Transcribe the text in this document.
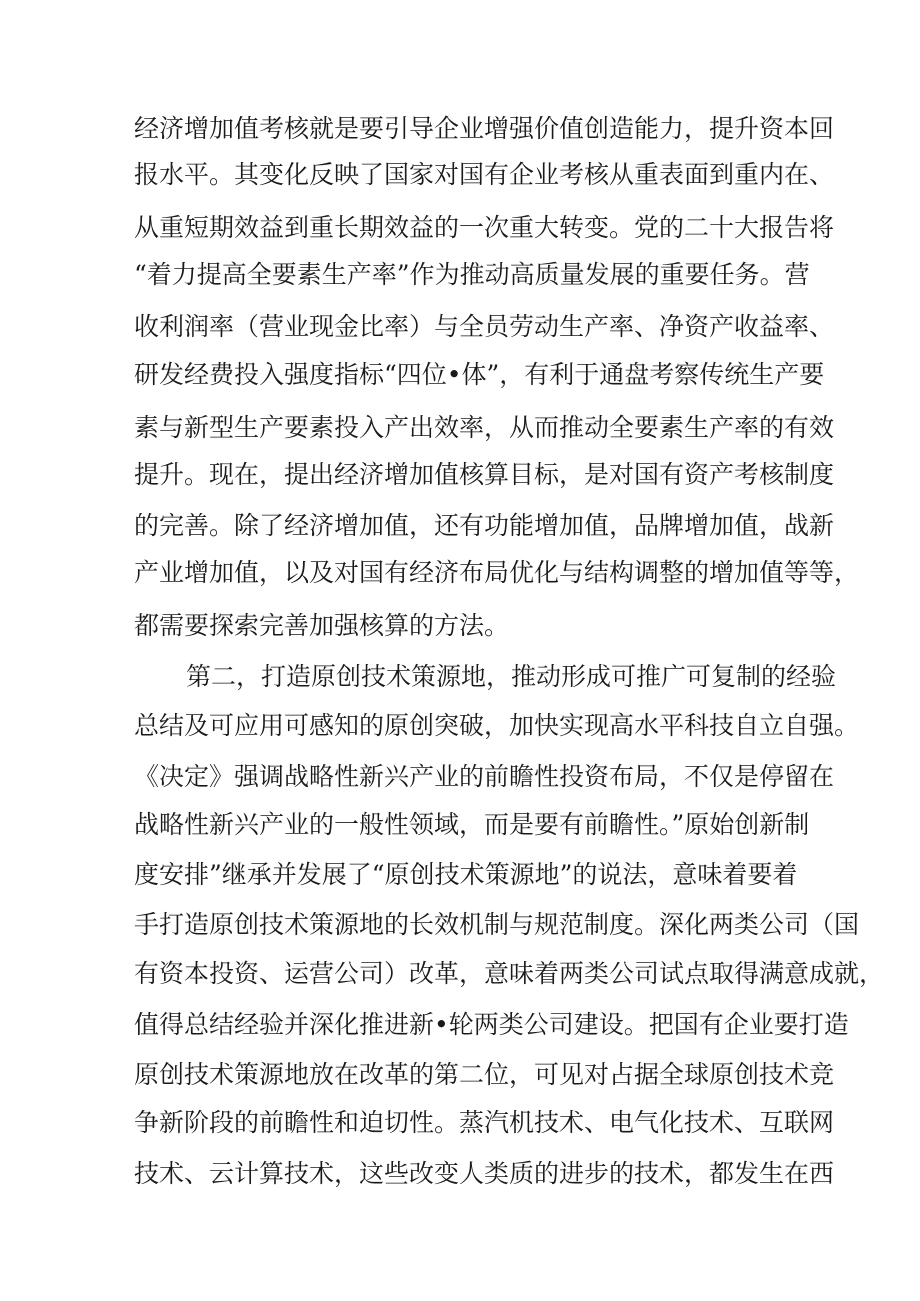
经济增加值考核就是要引导企业增强价值创造能力，提升资本回
报水平。其变化反映了国家对国有企业考核从重表面到重内在、
从重短期效益到重长期效益的一次重大转变。党的二十大报告将
“着力提高全要素生产率”作为推动高质量发展的重要任务。营
收利润率（营业现金比率）与全员劳动生产率、净资产收益率、
研发经费投入强度指标“四位•体”，有利于通盘考察传统生产要
素与新型生产要素投入产出效率，从而推动全要素生产率的有效
提升。现在，提出经济增加值核算目标，是对国有资产考核制度
的完善。除了经济增加值，还有功能增加值，品牌增加值，战新
产业增加值，以及对国有经济布局优化与结构调整的增加值等等，
都需要探索完善加强核算的方法。
第二，打造原创技术策源地，推动形成可推广可复制的经验
总结及可应用可感知的原创突破，加快实现高水平科技自立自强。
《决定》强调战略性新兴产业的前瞻性投资布局，不仅是停留在
战略性新兴产业的一般性领域，而是要有前瞻性。”原始创新制
度安排”继承并发展了“原创技术策源地”的说法，意味着要着
手打造原创技术策源地的长效机制与规范制度。深化两类公司（国
有资本投资、运营公司）改革，意味着两类公司试点取得满意成就，
值得总结经验并深化推进新•轮两类公司建设。把国有企业要打造
原创技术策源地放在改革的第二位，可见对占据全球原创技术竞
争新阶段的前瞻性和迫切性。蒸汽机技术、电气化技术、互联网
技术、云计算技术，这些改变人类质的进步的技术，都发生在西
